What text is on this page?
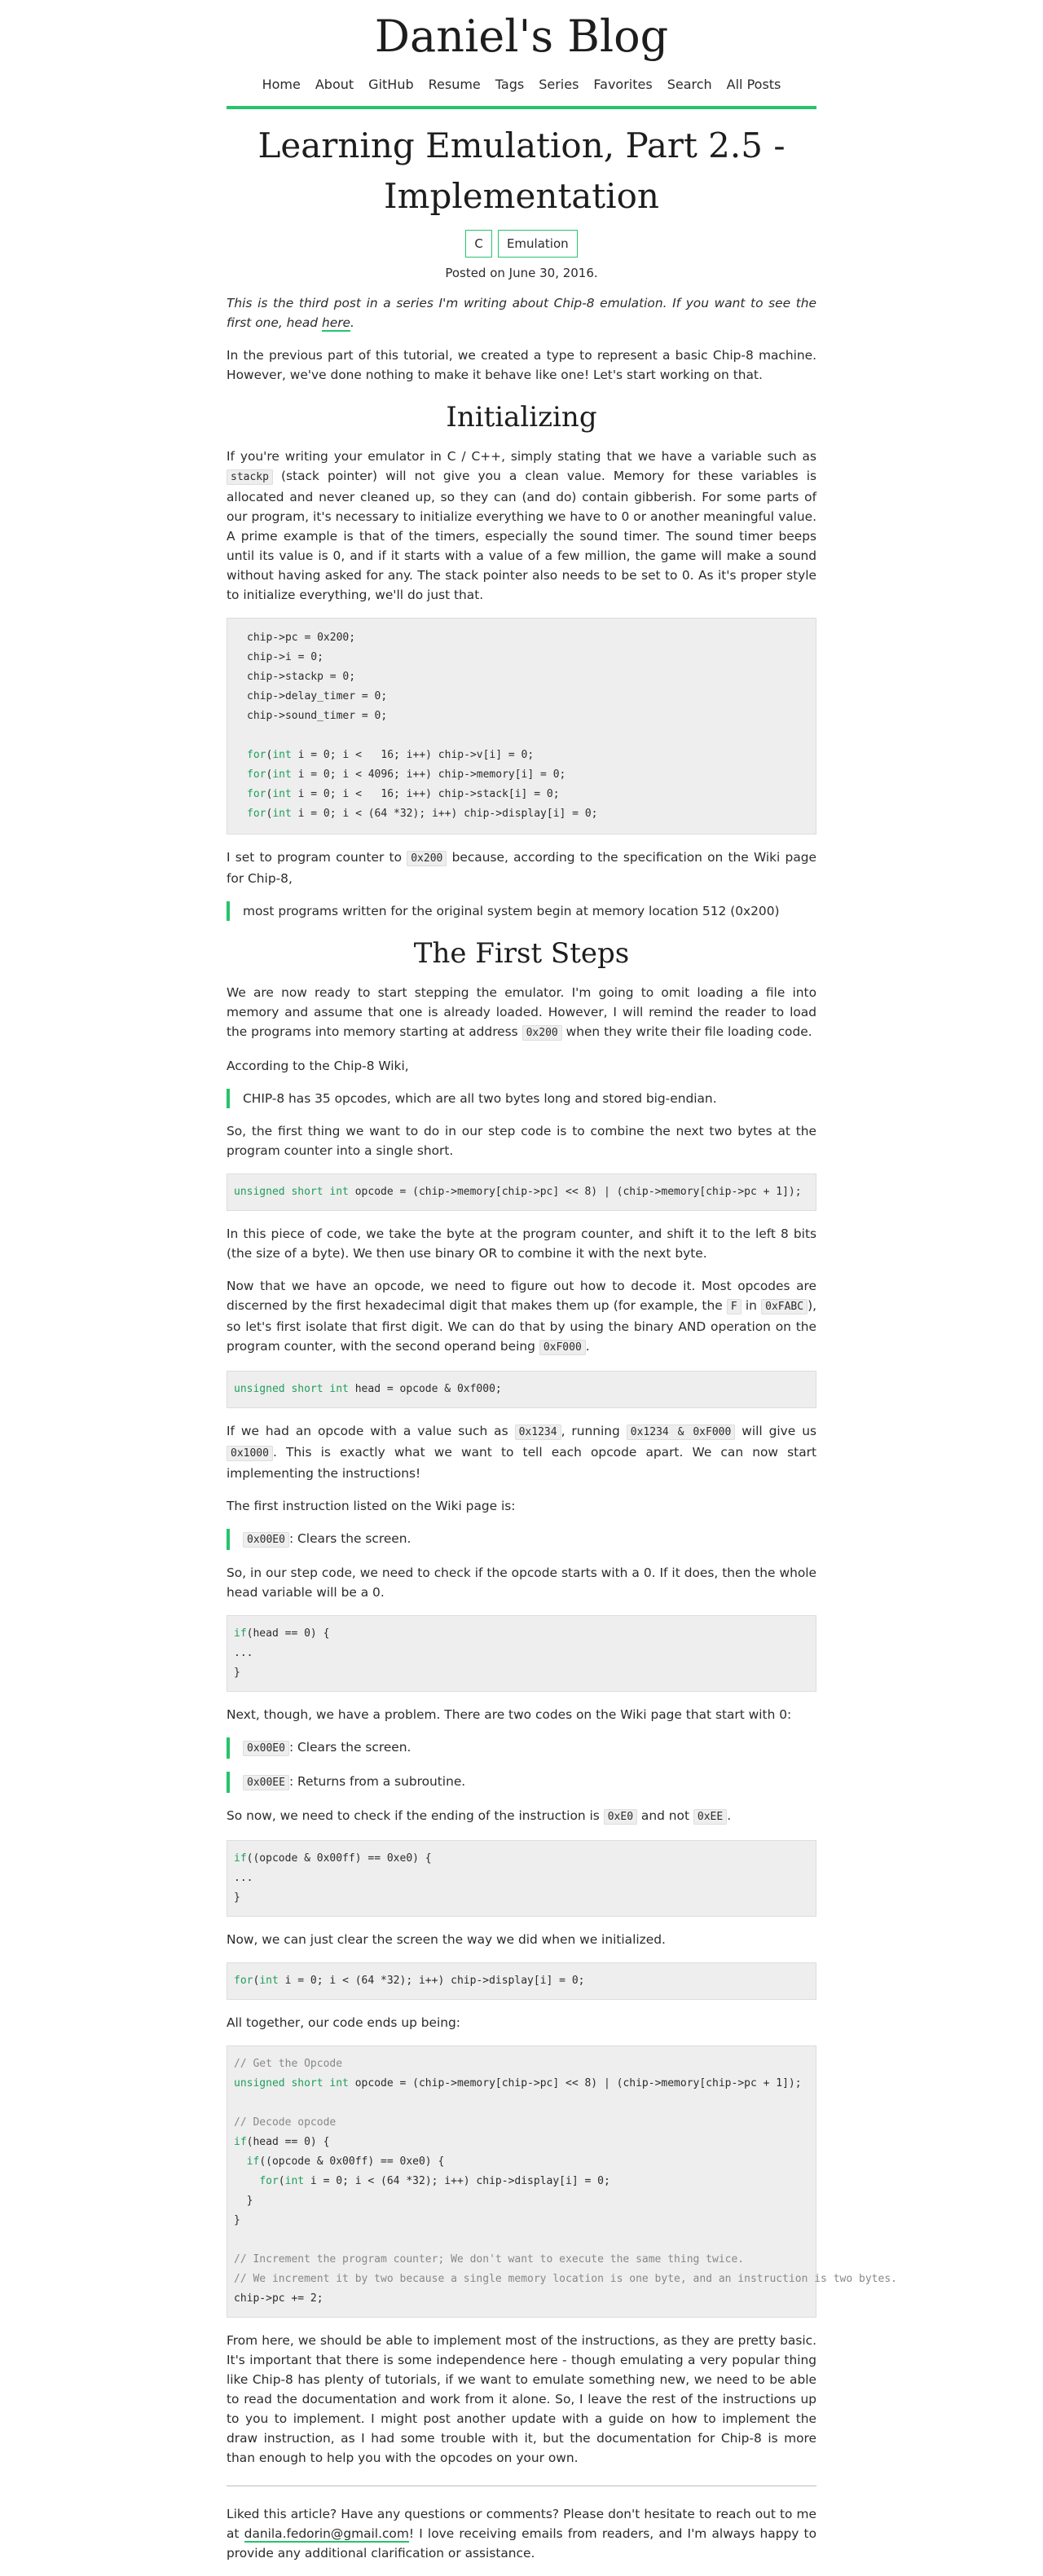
Daniel's Blog
Home About GitHub Resume Tags Series Favorites Search All Posts
Learning Emulation, Part 2.5 - Implementation
C Emulation
Posted on June 30, 2016.

This is the third post in a series I'm writing about Chip-8 emulation. If you want to see the first one, head here.

In the previous part of this tutorial, we created a type to represent a basic Chip-8 machine. However, we've done nothing to make it behave like one! Let's start working on that.

Initializing

If you're writing your emulator in C / C++, simply stating that we have a variable such as stackp (stack pointer) will not give you a clean value. Memory for these variables is allocated and never cleaned up, so they can (and do) contain gibberish. For some parts of our program, it's necessary to initialize everything we have to 0 or another meaningful value. A prime example is that of the timers, especially the sound timer. The sound timer beeps until its value is 0, and if it starts with a value of a few million, the game will make a sound without having asked for any. The stack pointer also needs to be set to 0. As it's proper style to initialize everything, we'll do just that.

chip->pc = 0x200;
chip->i = 0;
chip->stackp = 0;
chip->delay_timer = 0;
chip->sound_timer = 0;

for(int i = 0; i <   16; i++) chip->v[i] = 0;
for(int i = 0; i < 4096; i++) chip->memory[i] = 0;
for(int i = 0; i <   16; i++) chip->stack[i] = 0;
for(int i = 0; i < (64 *32); i++) chip->display[i] = 0;

I set to program counter to 0x200 because, according to the specification on the Wiki page for Chip-8,

most programs written for the original system begin at memory location 512 (0x200)
The First Steps

We are now ready to start stepping the emulator. I'm going to omit loading a file into memory and assume that one is already loaded. However, I will remind the reader to load the programs into memory starting at address 0x200 when they write their file loading code.

According to the Chip-8 Wiki,

CHIP-8 has 35 opcodes, which are all two bytes long and stored big-endian.

So, the first thing we want to do in our step code is to combine the next two bytes at the program counter into a single short.

unsigned short int opcode = (chip->memory[chip->pc] << 8) | (chip->memory[chip->pc + 1]);

In this piece of code, we take the byte at the program counter, and shift it to the left 8 bits (the size of a byte). We then use binary OR to combine it with the next byte.

Now that we have an opcode, we need to figure out how to decode it. Most opcodes are discerned by the first hexadecimal digit that makes them up (for example, the F in 0xFABC ), so let's first isolate that first digit. We can do that by using the binary AND operation on the program counter, with the second operand being 0xF000 .

unsigned short int head = opcode & 0xf000;

If we had an opcode with a value such as 0x1234 , running 0x1234 & 0xF000 will give us 0x1000 . This is exactly what we want to tell each opcode apart. We can now start implementing the instructions!

The first instruction listed on the Wiki page is:

0x00E0 : Clears the screen.

So, in our step code, we need to check if the opcode starts with a 0. If it does, then the whole head variable will be a 0.

if(head == 0) {
...
}

Next, though, we have a problem. There are two codes on the Wiki page that start with 0:

0x00E0 : Clears the screen.
0x00EE : Returns from a subroutine.

So now, we need to check if the ending of the instruction is 0xE0 and not 0xEE .

if((opcode & 0x00ff) == 0xe0) {
...
}

Now, we can just clear the screen the way we did when we initialized.

for(int i = 0; i < (64 *32); i++) chip->display[i] = 0;

All together, our code ends up being:

// Get the Opcode
unsigned short int opcode = (chip->memory[chip->pc] << 8) | (chip->memory[chip->pc + 1]);

// Decode opcode
if(head == 0) {
if((opcode & 0x00ff) == 0xe0) {
for(int i = 0; i < (64 *32); i++) chip->display[i] = 0;
}
}

// Increment the program counter; We don't want to execute the same thing twice.
// We increment it by two because a single memory location is one byte, and an instruction is two bytes.
chip->pc += 2;

From here, we should be able to implement most of the instructions, as they are pretty basic. It's important that there is some independence here - though emulating a very popular thing like Chip-8 has plenty of tutorials, if we want to emulate something new, we need to be able to read the documentation and work from it alone. So, I leave the rest of the instructions up to you to implement. I might post another update with a guide on how to implement the draw instruction, as I had some trouble with it, but the documentation for Chip-8 is more than enough to help you with the opcodes on your own.

Liked this article? Have any questions or comments? Please don't hesitate to reach out to me at danila.fedorin@gmail.com! I love receiving emails from readers, and I'm always happy to provide any additional clarification or assistance.
